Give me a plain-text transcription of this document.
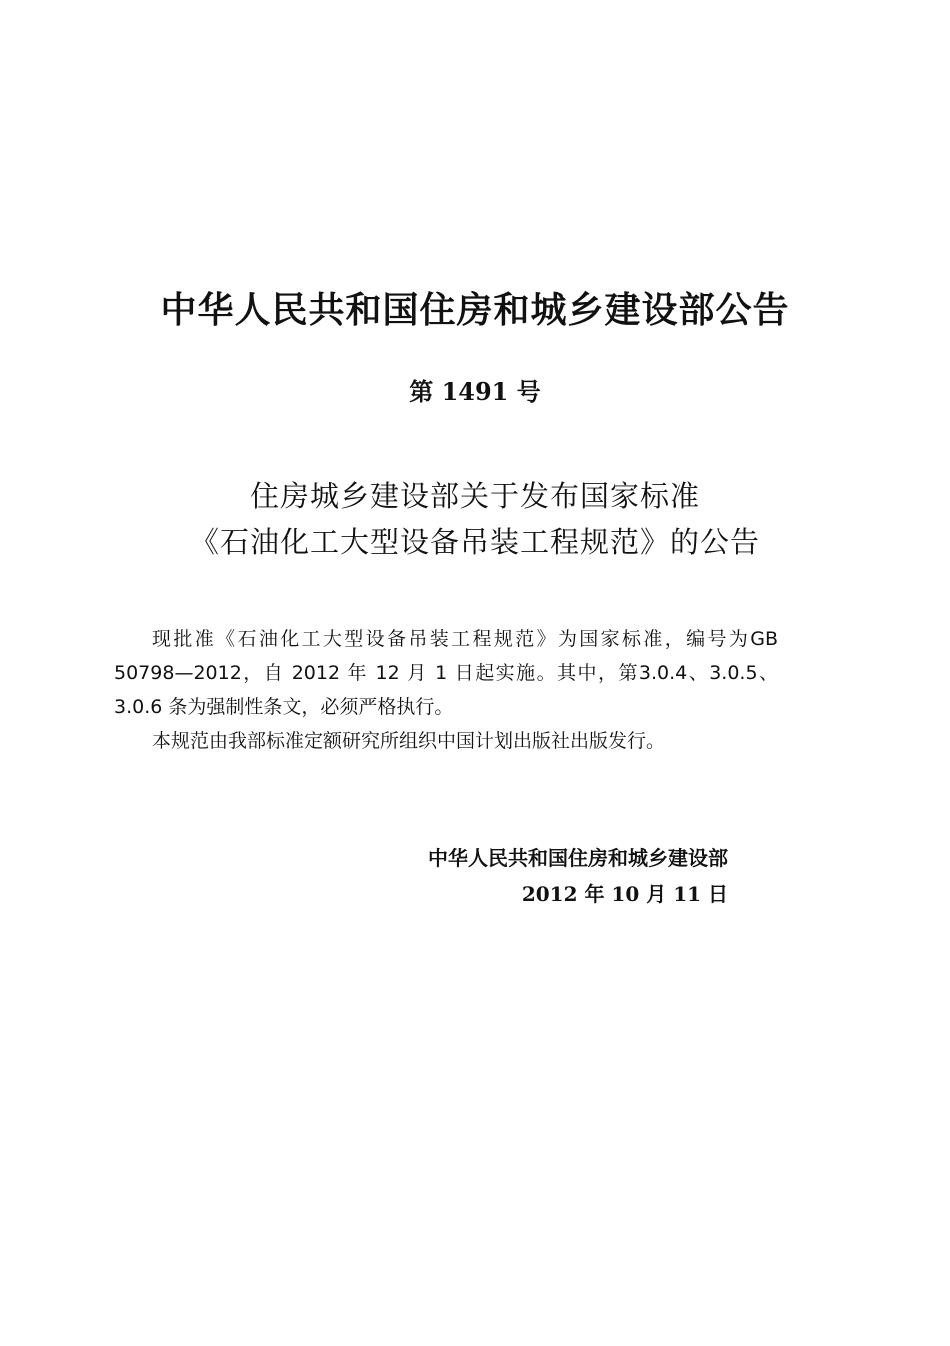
中华人民共和国住房和城乡建设部公告
第 1491 号
住房城乡建设部关于发布国家标准
《石油化工大型设备吊装工程规范》的公告

现批准《石油化工大型设备吊装工程规范》为国家标准，编号为GB 50798—2012，自 2012 年 12 月 1 日起实施。其中，第3.0.4、3.0.5、3.0.6 条为强制性条文，必须严格执行。

本规范由我部标准定额研究所组织中国计划出版社出版发行。

中华人民共和国住房和城乡建设部
2012 年 10 月 11 日
